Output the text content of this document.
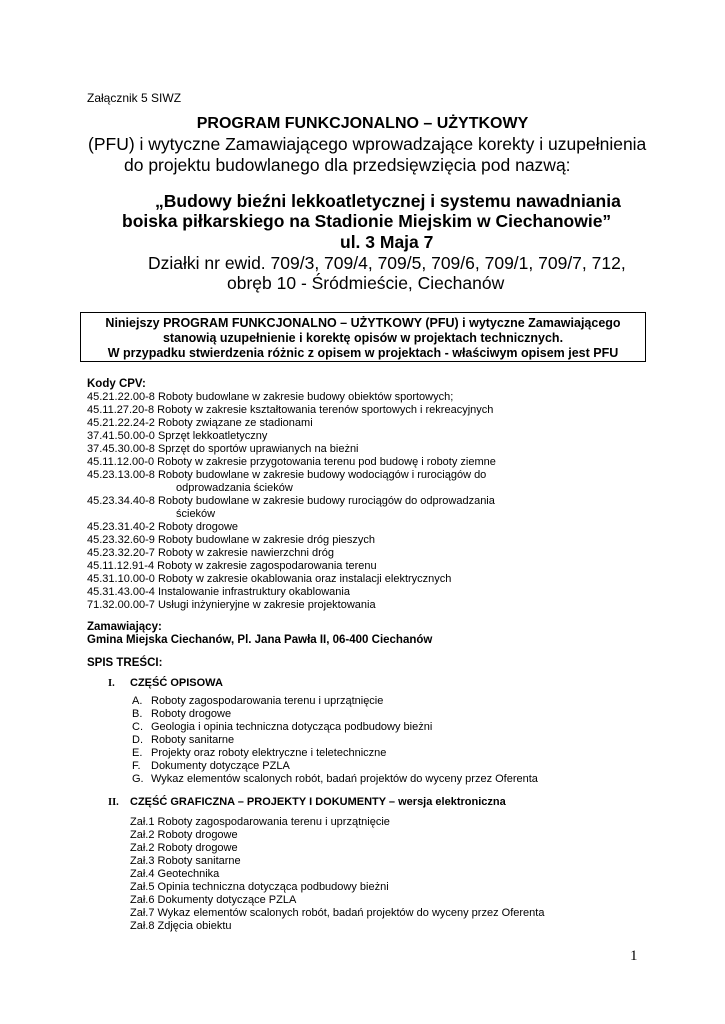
Załącznik 5 SIWZ
PROGRAM FUNKCJONALNO – UŻYTKOWY
(PFU) i wytyczne Zamawiającego wprowadzające korekty i uzupełnienia
do projektu budowlanego dla przedsięwzięcia pod nazwą:
„Budowy bieźni lekkoatletycznej i systemu nawadniania
boiska piłkarskiego na Stadionie Miejskim w Ciechanowie”
ul. 3 Maja 7
Działki nr ewid. 709/3, 709/4, 709/5, 709/6, 709/1, 709/7, 712,
obręb 10 - Śródmieście, Ciechanów
Niniejszy PROGRAM FUNKCJONALNO – UŻYTKOWY (PFU) i wytyczne Zamawiającego
stanowią uzupełnienie i korektę opisów w projektach technicznych.
W przypadku stwierdzenia różnic z opisem w projektach - właściwym opisem jest PFU
Kody CPV:
45.21.22.00-8 Roboty budowlane w zakresie budowy obiektów sportowych;
45.11.27.20-8 Roboty w zakresie kształtowania terenów sportowych i rekreacyjnych
45.21.22.24-2 Roboty związane ze stadionami
37.41.50.00-0 Sprzęt lekkoatletyczny
37.45.30.00-8 Sprzęt do sportów uprawianych na bieżni
45.11.12.00-0 Roboty w zakresie przygotowania terenu pod budowę i roboty ziemne
45.23.13.00-8 Roboty budowlane w zakresie budowy wodociągów i rurociągów do
odprowadzania ścieków
45.23.34.40-8 Roboty budowlane w zakresie budowy rurociągów do odprowadzania
ścieków
45.23.31.40-2 Roboty drogowe
45.23.32.60-9 Roboty budowlane w zakresie dróg pieszych
45.23.32.20-7 Roboty w zakresie nawierzchni dróg
45.11.12.91-4 Roboty w zakresie zagospodarowania terenu
45.31.10.00-0 Roboty w zakresie okablowania oraz instalacji elektrycznych
45.31.43.00-4 Instalowanie infrastruktury okablowania
71.32.00.00-7 Usługi inżynieryjne w zakresie projektowania
Zamawiający:
Gmina Miejska Ciechanów, Pl. Jana Pawła II, 06-400 Ciechanów
SPIS TREŚCI:
I. CZĘŚĆ OPISOWA
A. Roboty zagospodarowania terenu i uprzątnięcie
B. Roboty drogowe
C. Geologia i opinia techniczna dotycząca podbudowy bieżni
D. Roboty sanitarne
E. Projekty oraz roboty elektryczne i teletechniczne
F. Dokumenty dotyczące PZLA
G. Wykaz elementów scalonych robót, badań projektów do wyceny przez Oferenta
II. CZĘŚĆ GRAFICZNA – PROJEKTY I DOKUMENTY – wersja elektroniczna
Zał.1 Roboty zagospodarowania terenu i uprzątnięcie
Zał.2 Roboty drogowe
Zał.2 Roboty drogowe
Zał.3 Roboty sanitarne
Zał.4 Geotechnika
Zał.5 Opinia techniczna dotycząca podbudowy bieżni
Zał.6 Dokumenty dotyczące PZLA
Zał.7 Wykaz elementów scalonych robót, badań projektów do wyceny przez Oferenta
Zał.8 Zdjęcia obiektu
1
